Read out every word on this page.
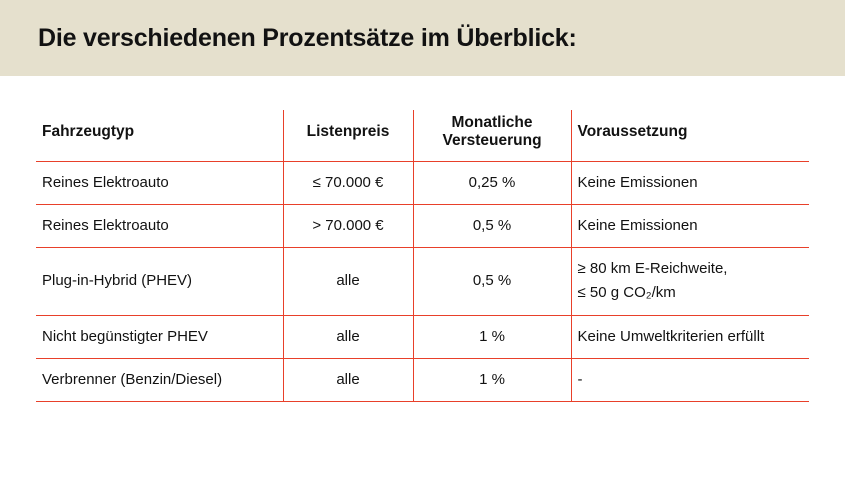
Die verschiedenen Prozentsätze im Überblick:
Fahrzeugtyp	Listenpreis	Monatliche Versteuerung	Voraussetzung
Reines Elektroauto	≤ 70.000 €	0,25 %	Keine Emissionen

Reines Elektroauto	> 70.000 €	0,5 %	Keine Emissionen

Plug-in-Hybrid (PHEV)	alle	0,5 %	≥ 80 km E-Reichweite,
≤ 50 g CO₂/km

Nicht begünstigter PHEV	alle	1 %	Keine Umweltkriterien erfüllt

Verbrenner (Benzin/Diesel)	alle	1 %	-
